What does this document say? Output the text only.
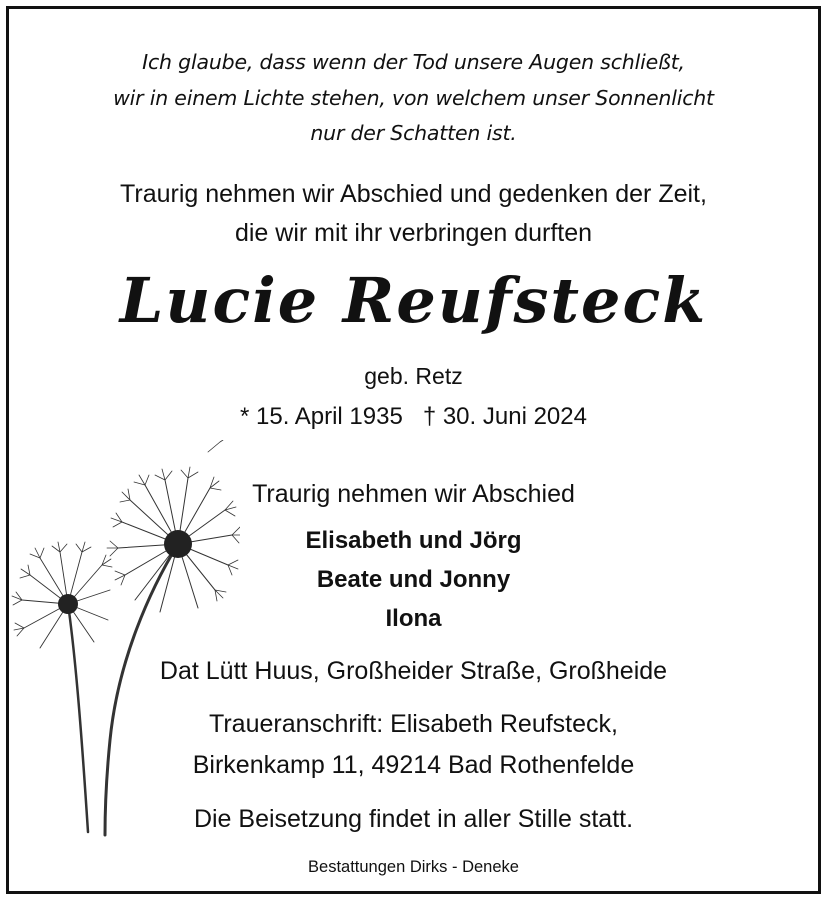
Ich glaube, dass wenn der Tod unsere Augen schließt,
wir in einem Lichte stehen, von welchem unser Sonnenlicht
nur der Schatten ist.
Traurig nehmen wir Abschied und gedenken der Zeit,
die wir mit ihr verbringen durften
Lucie Reufsteck
geb. Retz
* 15. April 1935   † 30. Juni 2024
Traurig nehmen wir Abschied
Elisabeth und Jörg
Beate und Jonny
Ilona
Dat Lütt Huus, Großheider Straße, Großheide
Traueranschrift: Elisabeth Reufsteck,
Birkenkamp 11, 49214 Bad Rothenfelde
Die Beisetzung findet in aller Stille statt.
Bestattungen Dirks - Deneke
